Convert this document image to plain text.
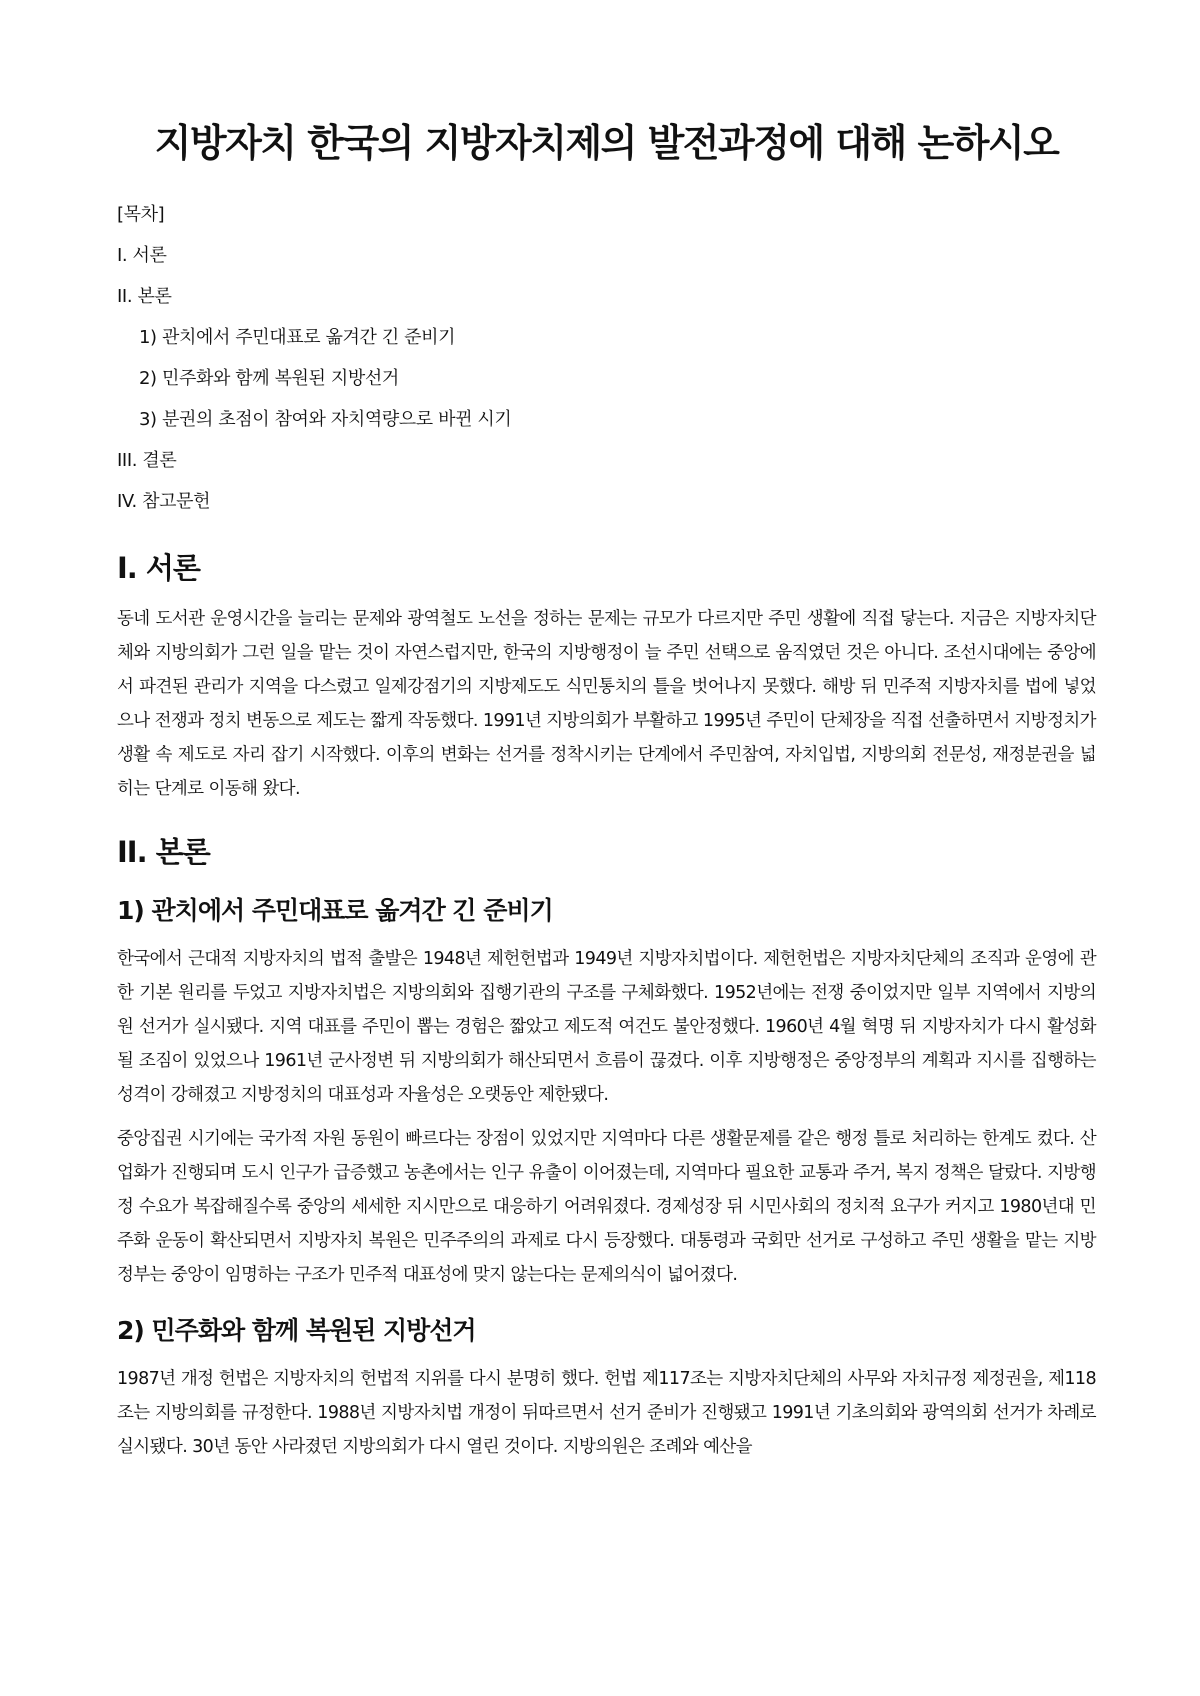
지방자치 한국의 지방자치제의 발전과정에 대해 논하시오
[목차]
I. 서론
II. 본론
1) 관치에서 주민대표로 옮겨간 긴 준비기
2) 민주화와 함께 복원된 지방선거
3) 분권의 초점이 참여와 자치역량으로 바뀐 시기
III. 결론
IV. 참고문헌
I. 서론

동네 도서관 운영시간을 늘리는 문제와 광역철도 노선을 정하는 문제는 규모가 다르지만 주민 생활에 직접 닿는다. 지금은 지방자치단체와 지방의회가 그런 일을 맡는 것이 자연스럽지만, 한국의 지방행정이 늘 주민 선택으로 움직였던 것은 아니다. 조선시대에는 중앙에서 파견된 관리가 지역을 다스렸고 일제강점기의 지방제도도 식민통치의 틀을 벗어나지 못했다. 해방 뒤 민주적 지방자치를 법에 넣었으나 전쟁과 정치 변동으로 제도는 짧게 작동했다. 1991년 지방의회가 부활하고 1995년 주민이 단체장을 직접 선출하면서 지방정치가 생활 속 제도로 자리 잡기 시작했다. 이후의 변화는 선거를 정착시키는 단계에서 주민참여, 자치입법, 지방의회 전문성, 재정분권을 넓히는 단계로 이동해 왔다.

II. 본론
1) 관치에서 주민대표로 옮겨간 긴 준비기

한국에서 근대적 지방자치의 법적 출발은 1948년 제헌헌법과 1949년 지방자치법이다. 제헌헌법은 지방자치단체의 조직과 운영에 관한 기본 원리를 두었고 지방자치법은 지방의회와 집행기관의 구조를 구체화했다. 1952년에는 전쟁 중이었지만 일부 지역에서 지방의원 선거가 실시됐다. 지역 대표를 주민이 뽑는 경험은 짧았고 제도적 여건도 불안정했다. 1960년 4월 혁명 뒤 지방자치가 다시 활성화될 조짐이 있었으나 1961년 군사정변 뒤 지방의회가 해산되면서 흐름이 끊겼다. 이후 지방행정은 중앙정부의 계획과 지시를 집행하는 성격이 강해졌고 지방정치의 대표성과 자율성은 오랫동안 제한됐다.

중앙집권 시기에는 국가적 자원 동원이 빠르다는 장점이 있었지만 지역마다 다른 생활문제를 같은 행정 틀로 처리하는 한계도 컸다. 산업화가 진행되며 도시 인구가 급증했고 농촌에서는 인구 유출이 이어졌는데, 지역마다 필요한 교통과 주거, 복지 정책은 달랐다. 지방행정 수요가 복잡해질수록 중앙의 세세한 지시만으로 대응하기 어려워졌다. 경제성장 뒤 시민사회의 정치적 요구가 커지고 1980년대 민주화 운동이 확산되면서 지방자치 복원은 민주주의의 과제로 다시 등장했다. 대통령과 국회만 선거로 구성하고 주민 생활을 맡는 지방정부는 중앙이 임명하는 구조가 민주적 대표성에 맞지 않는다는 문제의식이 넓어졌다.

2) 민주화와 함께 복원된 지방선거

1987년 개정 헌법은 지방자치의 헌법적 지위를 다시 분명히 했다. 헌법 제117조는 지방자치단체의 사무와 자치규정 제정권을, 제118조는 지방의회를 규정한다. 1988년 지방자치법 개정이 뒤따르면서 선거 준비가 진행됐고 1991년 기초의회와 광역의회 선거가 차례로 실시됐다. 30년 동안 사라졌던 지방의회가 다시 열린 것이다. 지방의원은 조례와 예산을
